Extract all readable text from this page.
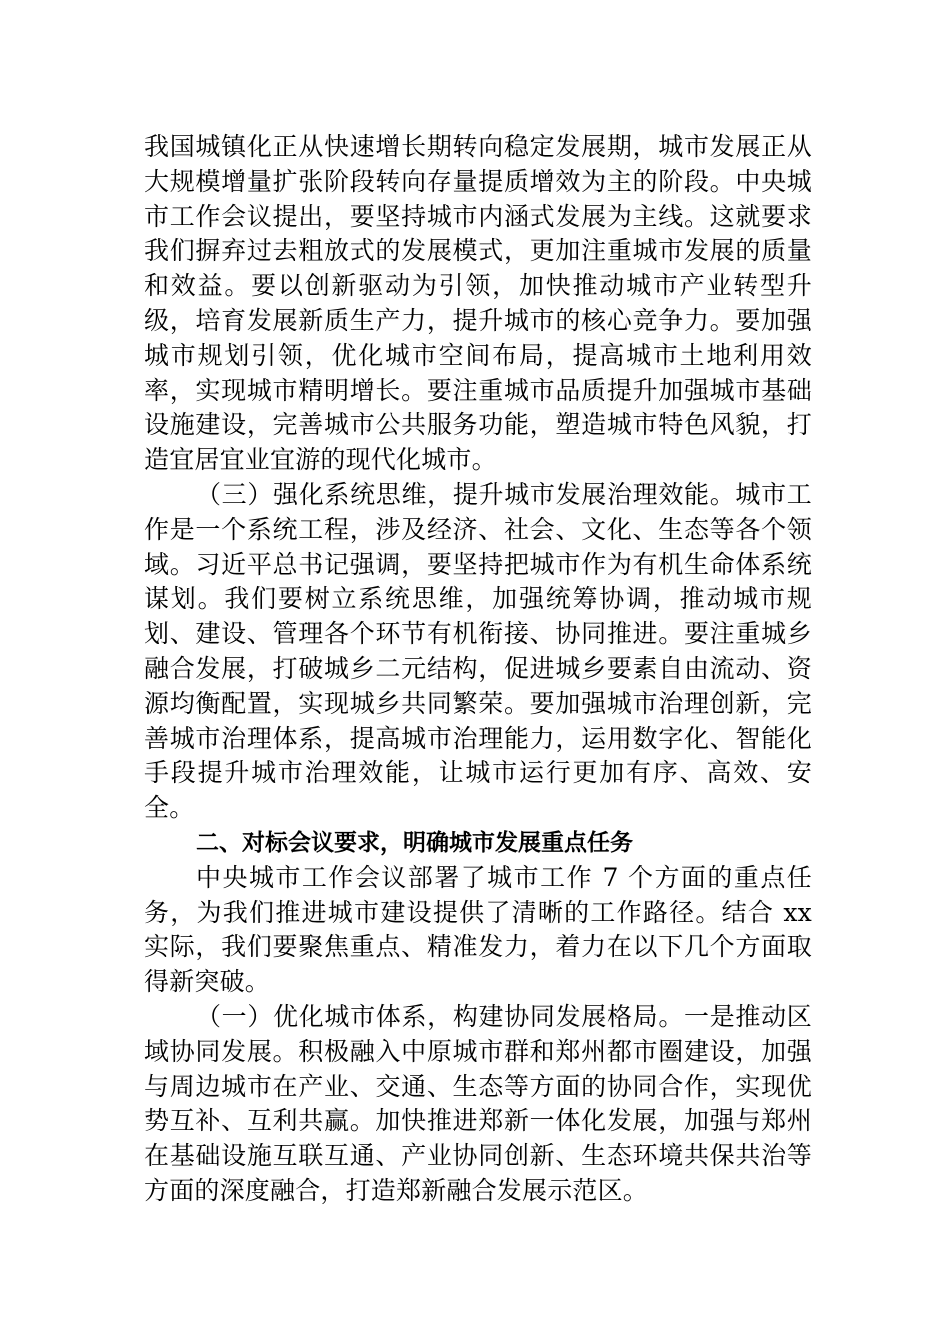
我国城镇化正从快速增长期转向稳定发展期，城市发展正从大规模增量扩张阶段转向存量提质增效为主的阶段。中央城市工作会议提出，要坚持城市内涵式发展为主线。这就要求我们摒弃过去粗放式的发展模式，更加注重城市发展的质量和效益。要以创新驱动为引领，加快推动城市产业转型升级，培育发展新质生产力，提升城市的核心竞争力。要加强城市规划引领，优化城市空间布局，提高城市土地利用效率，实现城市精明增长。要注重城市品质提升加强城市基础设施建设，完善城市公共服务功能，塑造城市特色风貌，打造宜居宜业宜游的现代化城市。

（三）强化系统思维，提升城市发展治理效能。城市工作是一个系统工程，涉及经济、社会、文化、生态等各个领域。习近平总书记强调，要坚持把城市作为有机生命体系统谋划。我们要树立系统思维，加强统筹协调，推动城市规划、建设、管理各个环节有机衔接、协同推进。要注重城乡融合发展，打破城乡二元结构，促进城乡要素自由流动、资源均衡配置，实现城乡共同繁荣。要加强城市治理创新，完善城市治理体系，提高城市治理能力，运用数字化、智能化手段提升城市治理效能，让城市运行更加有序、高效、安全。

二、对标会议要求，明确城市发展重点任务

中央城市工作会议部署了城市工作 7 个方面的重点任务，为我们推进城市建设提供了清晰的工作路径。结合 xx 实际，我们要聚焦重点、精准发力，着力在以下几个方面取得新突破。

（一）优化城市体系，构建协同发展格局。一是推动区域协同发展。积极融入中原城市群和郑州都市圈建设，加强与周边城市在产业、交通、生态等方面的协同合作，实现优势互补、互利共赢。加快推进郑新一体化发展，加强与郑州在基础设施互联互通、产业协同创新、生态环境共保共治等方面的深度融合，打造郑新融合发展示范区。
